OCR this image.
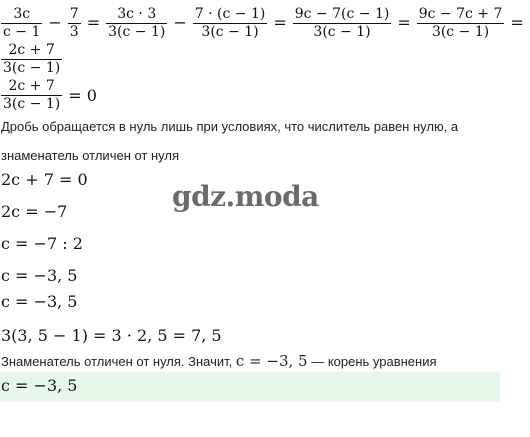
$\frac{3c}{c - 1} - \frac{7}{3} = \frac{3c \cdot 3}{3(c - 1)} - \frac{7 \cdot (c - 1)}{3(c - 1)} = \frac{9c - 7(c - 1)}{3(c - 1)} = \frac{9c - 7c + 7}{3(c - 1)}$ =
$\frac{2c + 7}{3(c - 1)}$
$\frac{2c + 7}{3(c - 1)} = 0$
Дробь обращается в нуль лишь при условиях, что числитель равен нулю, а
знаменатель отличен от нуля
2c + 7 = 0
2c = −7
c = −7 : 2
c = −3, 5
c = −3, 5
3(3, 5 − 1) = 3 · 2, 5 = 7, 5
Знаменатель отличен от нуля. Значит, c = −3, 5 — корень уравнения
c = −3, 5
gdz.moda
